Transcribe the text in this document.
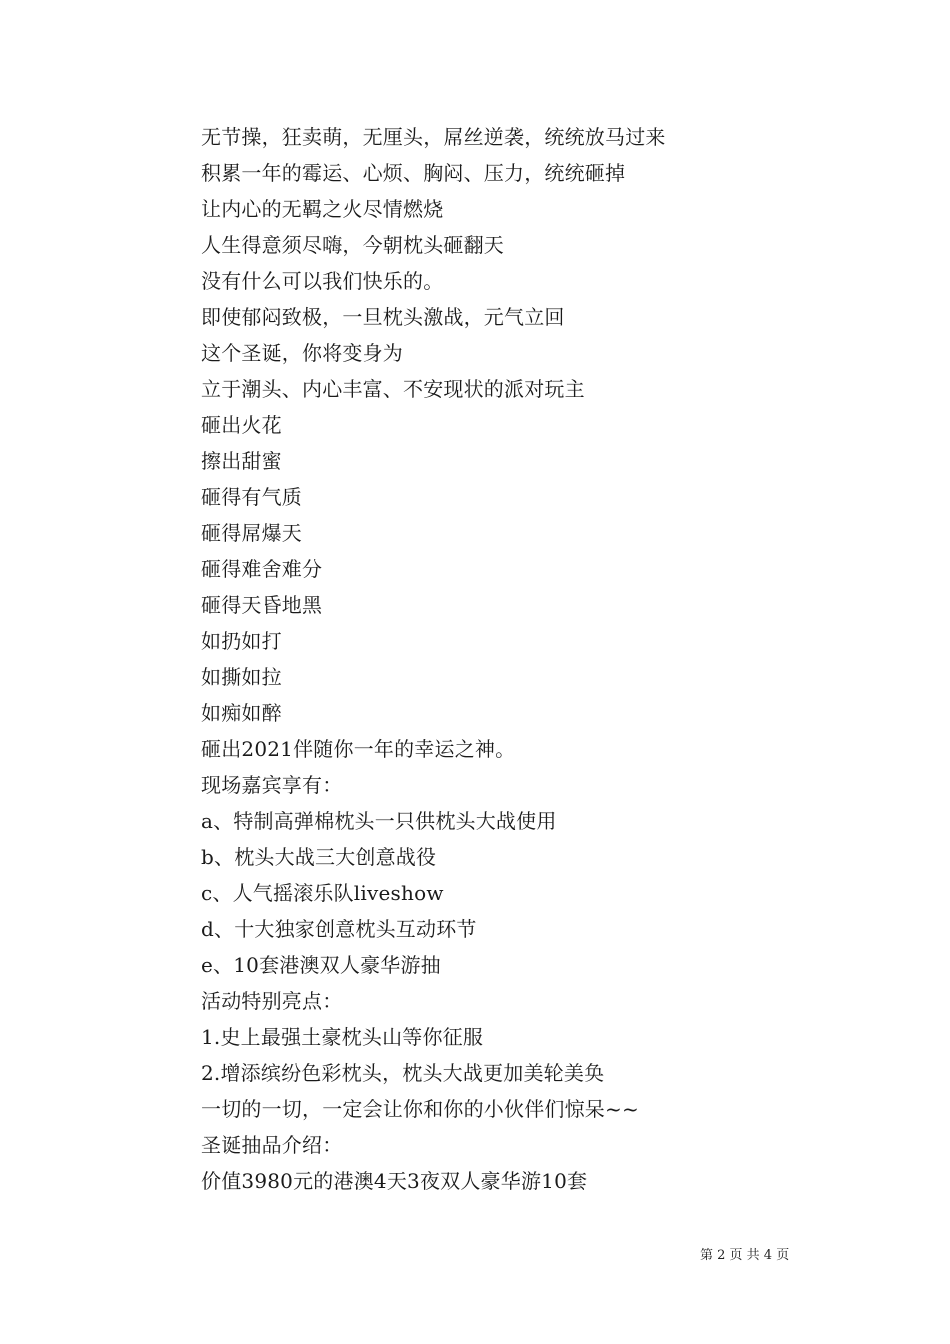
无节操，狂卖萌，无厘头，屌丝逆袭，统统放马过来
积累一年的霉运、心烦、胸闷、压力，统统砸掉
让内心的无羁之火尽情燃烧
人生得意须尽嗨，今朝枕头砸翻天
没有什么可以我们快乐的。
即使郁闷致极，一旦枕头激战，元气立回
这个圣诞，你将变身为
立于潮头、内心丰富、不安现状的派对玩主
砸出火花
擦出甜蜜
砸得有气质
砸得屌爆天
砸得难舍难分
砸得天昏地黑
如扔如打
如撕如拉
如痴如醉
砸出2021伴随你一年的幸运之神。
现场嘉宾享有：
a、特制高弹棉枕头一只供枕头大战使用
b、枕头大战三大创意战役
c、人气摇滚乐队liveshow
d、十大独家创意枕头互动环节
e、10套港澳双人豪华游抽
活动特别亮点：
1.史上最强土豪枕头山等你征服
2.增添缤纷色彩枕头，枕头大战更加美轮美奂
一切的一切，一定会让你和你的小伙伴们惊呆~~
圣诞抽品介绍：
价值3980元的港澳4天3夜双人豪华游10套
第 2 页 共 4 页
